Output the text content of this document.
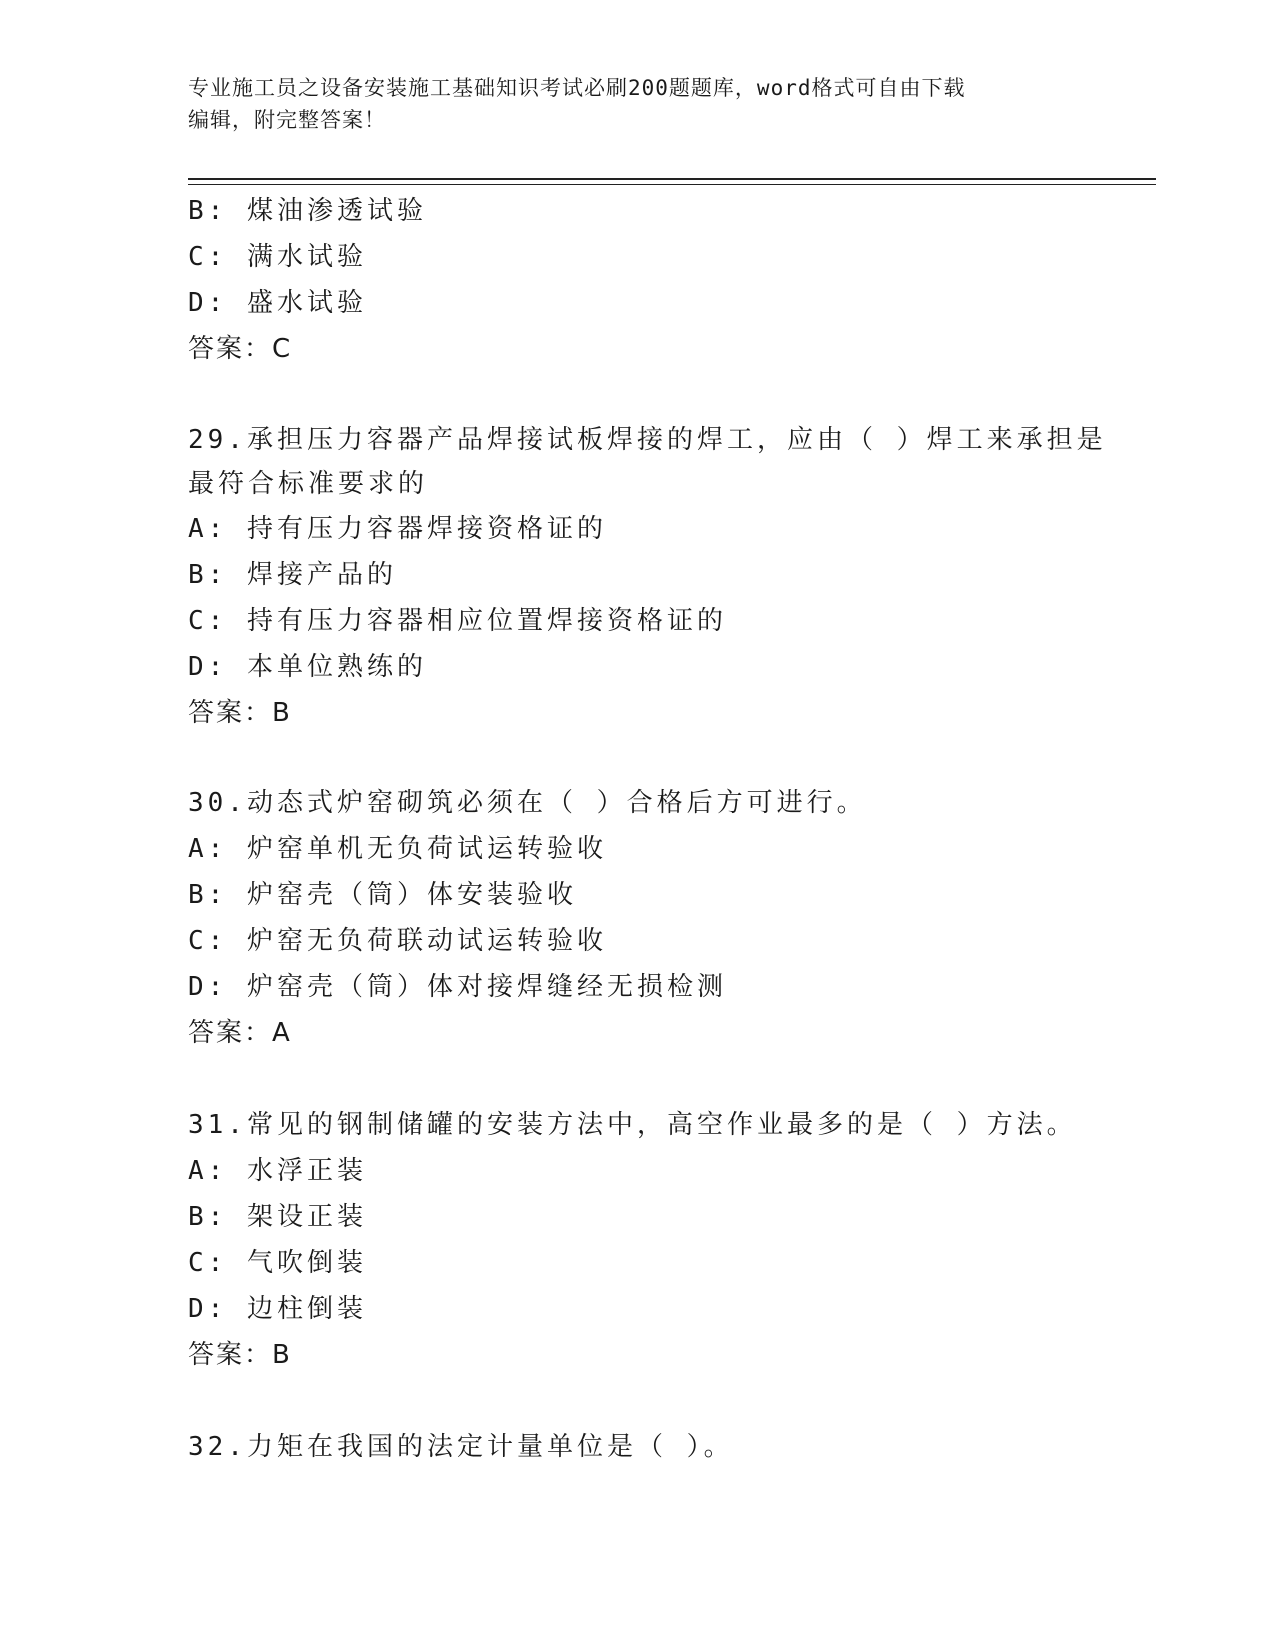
专业施工员之设备安装施工基础知识考试必刷200题题库，word格式可自由下载
编辑，附完整答案！
B: 煤油渗透试验
C: 满水试验
D: 盛水试验
答案：C
29.承担压力容器产品焊接试板焊接的焊工，应由（ ）焊工来承担是
最符合标准要求的
A: 持有压力容器焊接资格证的
B: 焊接产品的
C: 持有压力容器相应位置焊接资格证的
D: 本单位熟练的
答案：B
30.动态式炉窑砌筑必须在（ ）合格后方可进行。
A: 炉窑单机无负荷试运转验收
B: 炉窑壳（筒）体安装验收
C: 炉窑无负荷联动试运转验收
D: 炉窑壳（筒）体对接焊缝经无损检测
答案：A
31.常见的钢制储罐的安装方法中，高空作业最多的是（ ）方法。
A: 水浮正装
B: 架设正装
C: 气吹倒装
D: 边柱倒装
答案：B
32.力矩在我国的法定计量单位是（ ）。
